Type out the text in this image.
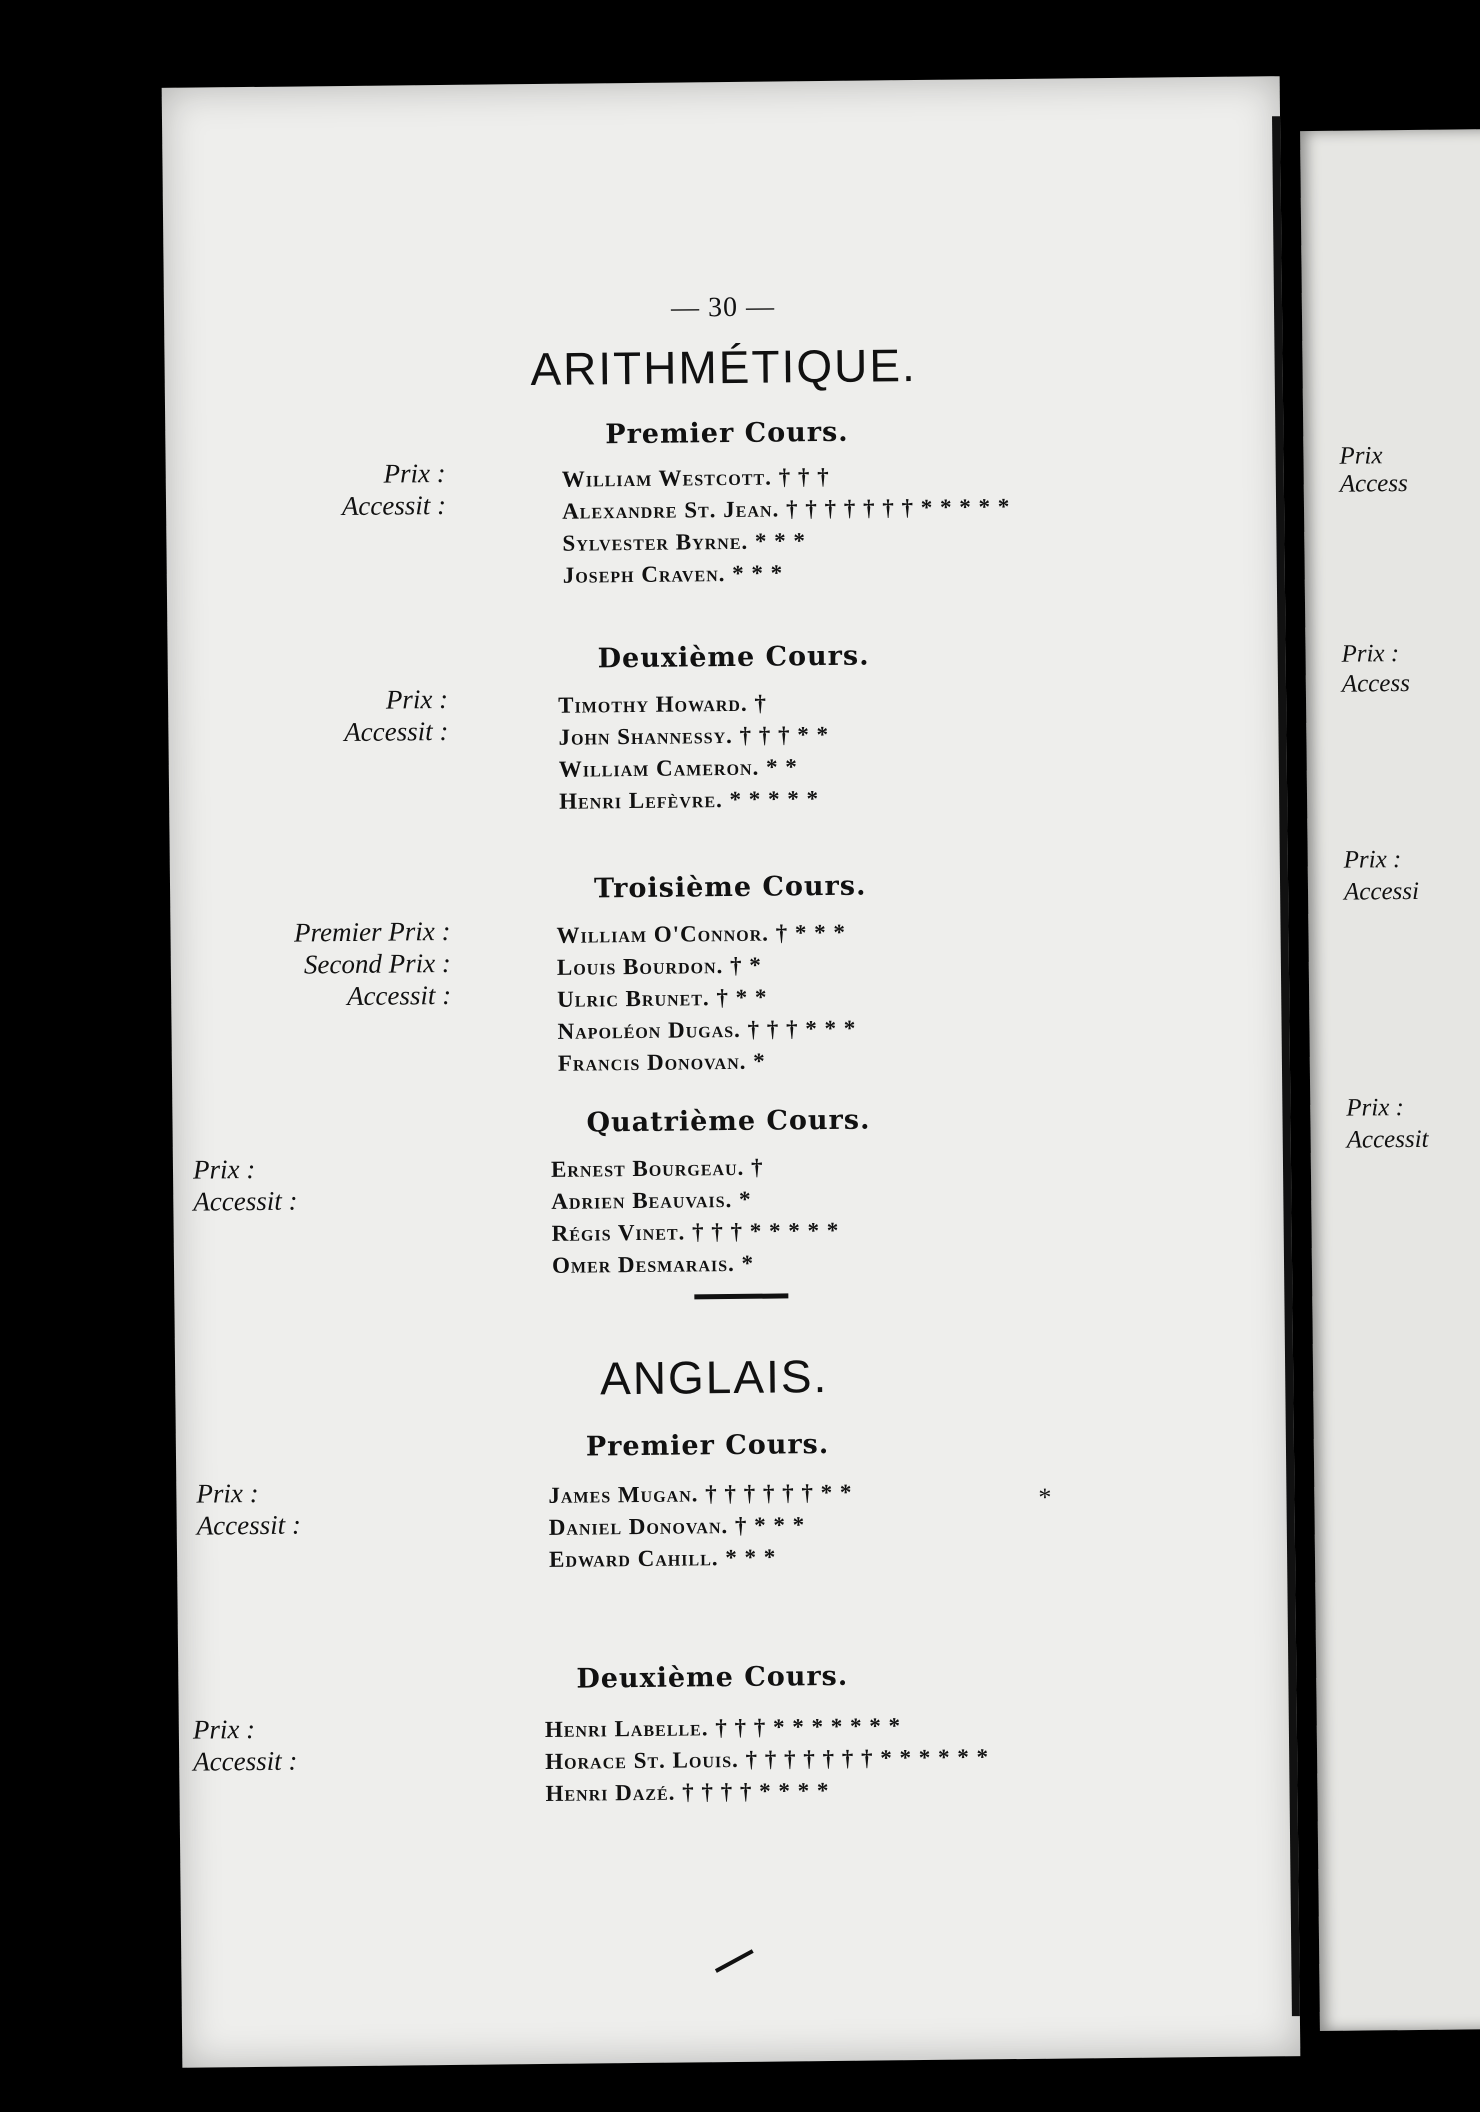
Prix
Access
Prix :
Access
Prix :
Accessi
Prix :
Accessit
— 30 —
ARITHMÉTIQUE.
Premier Cours.
Prix :
Accessit :
William Westcott. † † †
Alexandre St. Jean. † † † † † † † * * * * *
Sylvester Byrne. * * *
Joseph Craven. * * *
Deuxième Cours.
Prix :
Accessit :
Timothy Howard. †
John Shannessy. † † † * *
William Cameron. * *
Henri Lefèvre. * * * * *
Troisième Cours.
Premier Prix :
Second Prix :
Accessit :
William O'Connor. † * * *
Louis Bourdon. † *
Ulric Brunet. † * *
Napoléon Dugas. † † † * * *
Francis Donovan. *
Quatrième Cours.
Prix :
Accessit :
Ernest Bourgeau. †
Adrien Beauvais. *
Régis Vinet. † † † * * * * *
Omer Desmarais. *
ANGLAIS.
Premier Cours.
Prix :
Accessit :
James Mugan. † † † † † † * *
Daniel Donovan. † * * *
Edward Cahill. * * *
*
Deuxième Cours.
Prix :
Accessit :
Henri Labelle. † † † * * * * * * *
Horace St. Louis. † † † † † † † * * * * * *
Henri Dazé. † † † † * * * *
